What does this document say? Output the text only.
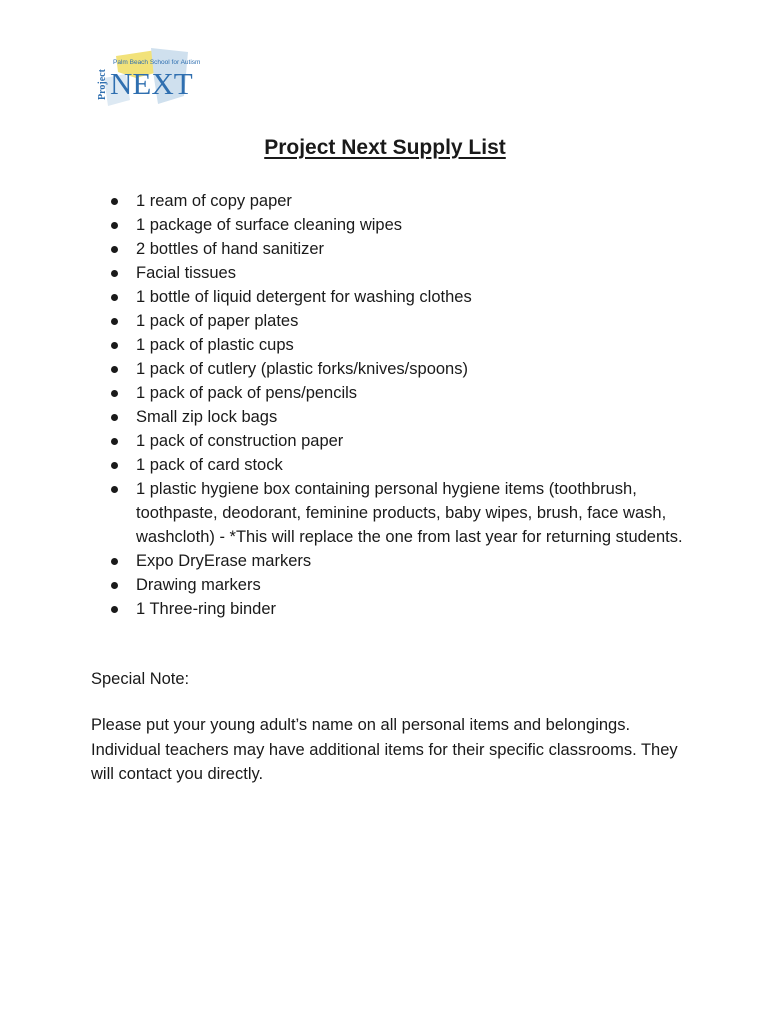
Palm Beach School for Autism
Project NEXT
Project Next Supply List
1 ream of copy paper
1 package of surface cleaning wipes
2 bottles of hand sanitizer
Facial tissues
1 bottle of liquid detergent for washing clothes
1 pack of paper plates
1 pack of plastic cups
1 pack of cutlery (plastic forks/knives/spoons)
1 pack of pack of pens/pencils
Small zip lock bags
1 pack of construction paper
1 pack of card stock
1 plastic hygiene box containing personal hygiene items (toothbrush, toothpaste, deodorant, feminine products, baby wipes, brush, face wash, washcloth) - *This will replace the one from last year for returning students.
Expo DryErase markers
Drawing markers
1 Three-ring binder

Special Note:

Please put your young adult’s name on all personal items and belongings. Individual teachers may have additional items for their specific classrooms. They will contact you directly.
